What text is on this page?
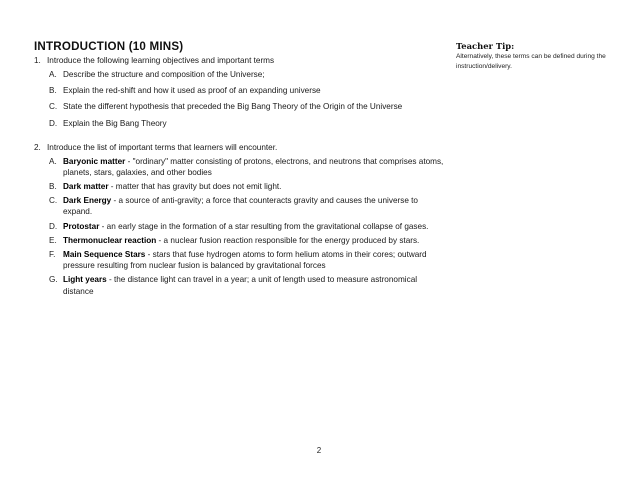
INTRODUCTION (10 MINS)
1. Introduce the following learning objectives and important terms
A. Describe the structure and composition of the Universe;
B. Explain the red-shift and how it used as proof of an expanding universe
C. State the different hypothesis that preceded the Big Bang Theory of the Origin of the Universe
D. Explain the Big Bang Theory
2. Introduce the list of important terms that learners will encounter.
A. Baryonic matter - "ordinary" matter consisting of protons, electrons, and neutrons that comprises atoms, planets, stars, galaxies, and other bodies
B. Dark matter - matter that has gravity but does not emit light.
C. Dark Energy - a source of anti-gravity; a force that counteracts gravity and causes the universe to expand.
D. Protostar - an early stage in the formation of a star resulting from the gravitational collapse of gases.
E. Thermonuclear reaction - a nuclear fusion reaction responsible for the energy produced by stars.
F. Main Sequence Stars - stars that fuse hydrogen atoms to form helium atoms in their cores; outward pressure resulting from nuclear fusion is balanced by gravitational forces
G. Light years - the distance light can travel in a year; a unit of length used to measure astronomical distance
Teacher Tip:
Alternatively, these terms can be defined during the instruction/delivery.
2
